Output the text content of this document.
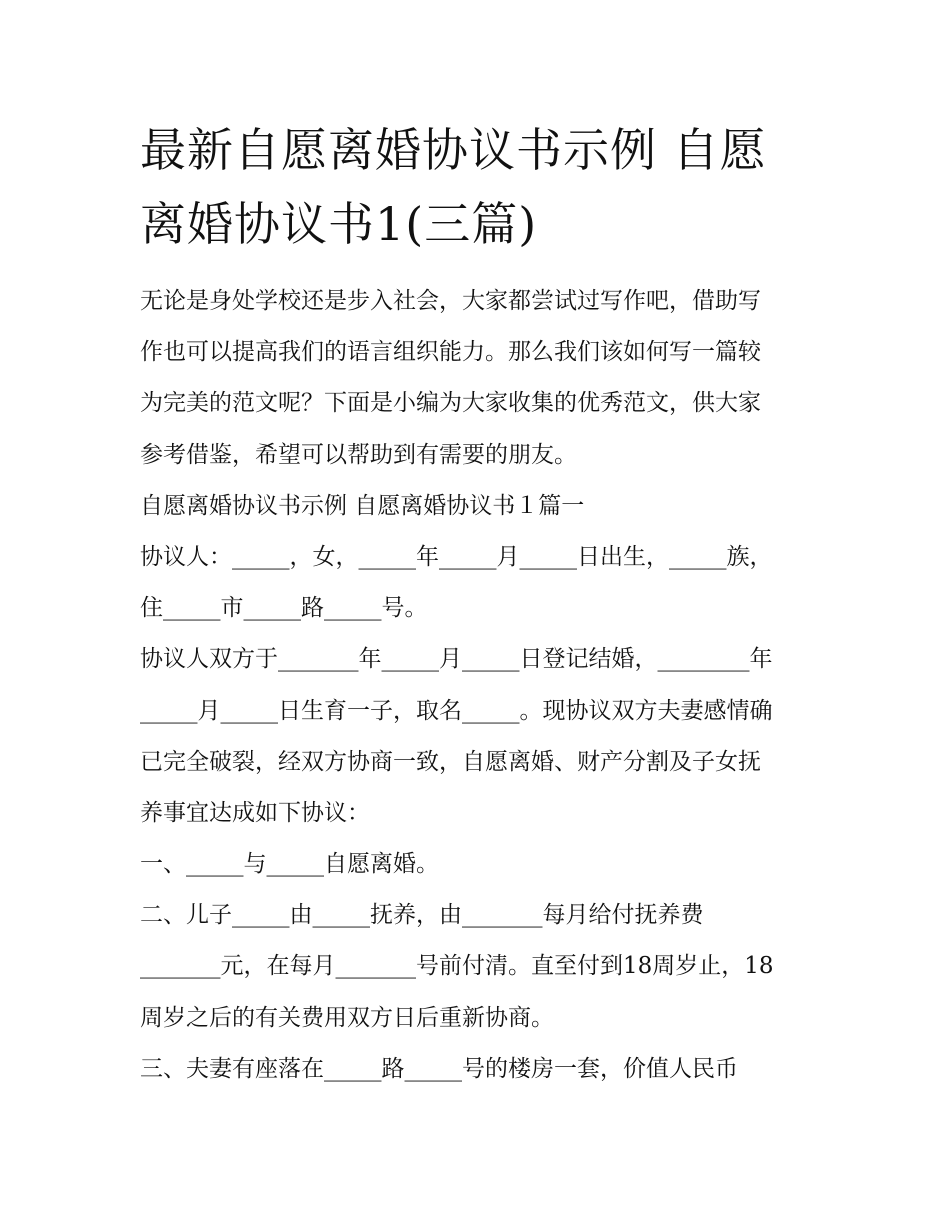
最新自愿离婚协议书示例 自愿
离婚协议书1(三篇)
无论是身处学校还是步入社会，大家都尝试过写作吧，借助写
作也可以提高我们的语言组织能力。那么我们该如何写一篇较
为完美的范文呢？下面是小编为大家收集的优秀范文，供大家
参考借鉴，希望可以帮助到有需要的朋友。
自愿离婚协议书示例 自愿离婚协议书１篇一
协议人：_____，女，_____年_____月_____日出生，_____族，
住_____市_____路_____号。
协议人双方于_______年_____月_____日登记结婚，________年
_____月_____日生育一子，取名_____。现协议双方夫妻感情确
已完全破裂，经双方协商一致，自愿离婚、财产分割及子女抚
养事宜达成如下协议：
一、_____与_____自愿离婚。
二、儿子_____由_____抚养，由_______每月给付抚养费
_______元，在每月_______号前付清。直至付到18周岁止，18
周岁之后的有关费用双方日后重新协商。
三、夫妻有座落在_____路_____号的楼房一套，价值人民币
